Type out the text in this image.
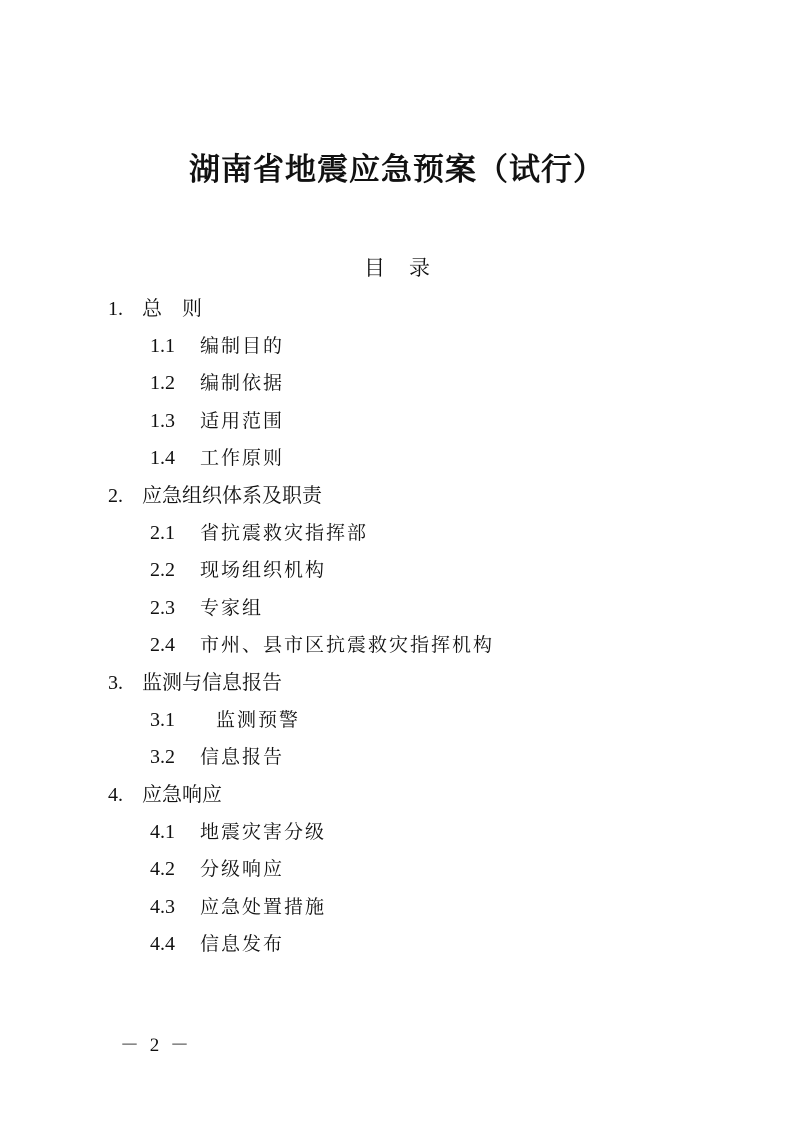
湖南省地震应急预案（试行）
目 录
1. 总　则
1.1 编制目的
1.2 编制依据
1.3 适用范围
1.4 工作原则
2. 应急组织体系及职责
2.1 省抗震救灾指挥部
2.2 现场组织机构
2.3 专家组
2.4 市州、县市区抗震救灾指挥机构
3. 监测与信息报告
3.1 监测预警
3.2 信息报告
4. 应急响应
4.1 地震灾害分级
4.2 分级响应
4.3 应急处置措施
4.4 信息发布
－ 2 －
